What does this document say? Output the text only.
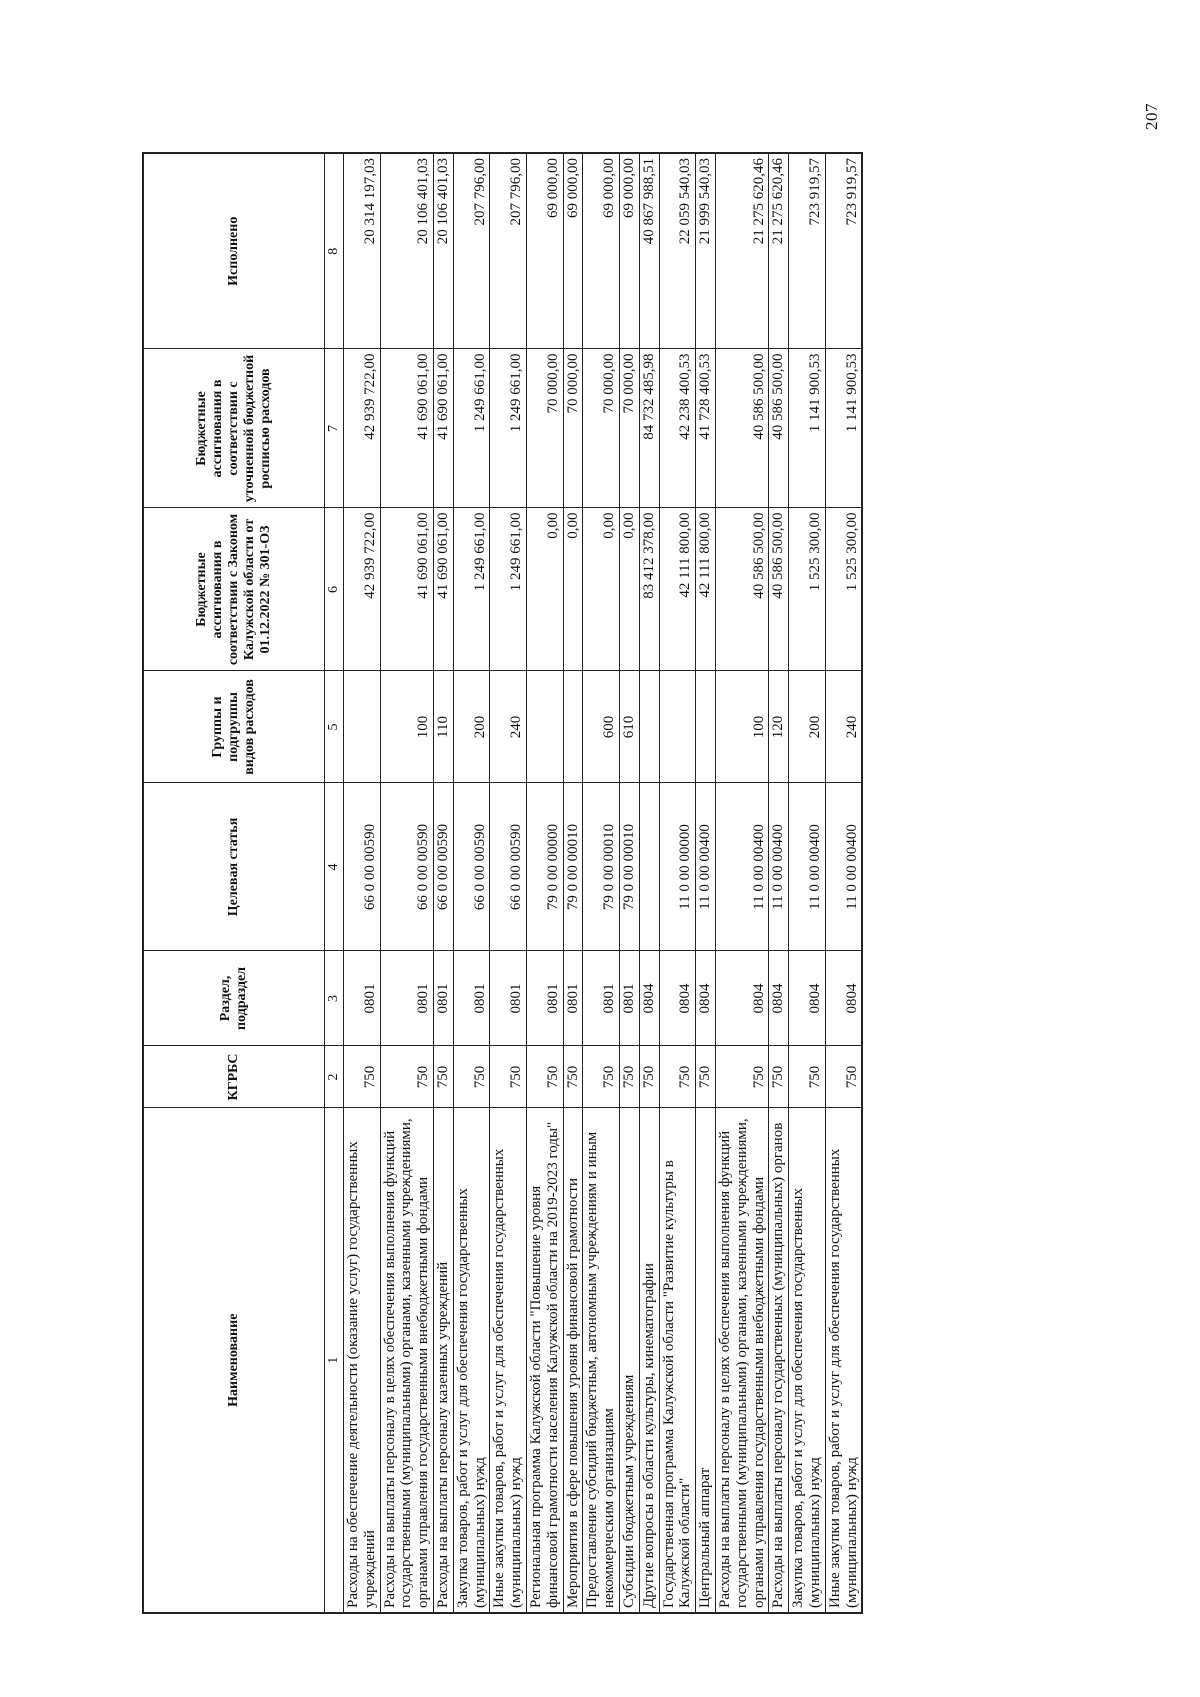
207
Наименование	КГРБС	Раздел, подраздел	Целевая статья	Группы и подгруппы видов расходов	Бюджетные ассигнования в соответствии с Законом Калужской области от 01.12.2022 № 301-ОЗ	Бюджетные ассигнования в соответствии с уточненной бюджетной росписью расходов	Исполнено
1	2	3	4	5	6	7	8
Расходы на обеспечение деятельности (оказание услуг) государственных учреждений	750	0801	66 0 00 00590		42 939 722,00	42 939 722,00	20 314 197,03
Расходы на выплаты персоналу в целях обеспечения выполнения функций государственными (муниципальными) органами, казенными учреждениями, органами управления государственными внебюджетными фондами	750	0801	66 0 00 00590	100	41 690 061,00	41 690 061,00	20 106 401,03
Расходы на выплаты персоналу казенных учреждений	750	0801	66 0 00 00590	110	41 690 061,00	41 690 061,00	20 106 401,03
Закупка товаров, работ и услуг для обеспечения государственных (муниципальных) нужд	750	0801	66 0 00 00590	200	1 249 661,00	1 249 661,00	207 796,00
Иные закупки товаров, работ и услуг для обеспечения государственных (муниципальных) нужд	750	0801	66 0 00 00590	240	1 249 661,00	1 249 661,00	207 796,00
Региональная программа Калужской области "Повышение уровня финансовой грамотности населения Калужской области на 2019-2023 годы"	750	0801	79 0 00 00000		0,00	70 000,00	69 000,00
Мероприятия в сфере повышения уровня финансовой грамотности	750	0801	79 0 00 00010		0,00	70 000,00	69 000,00
Предоставление субсидий бюджетным, автономным учреждениям и иным некоммерческим организациям	750	0801	79 0 00 00010	600	0,00	70 000,00	69 000,00
Субсидии бюджетным учреждениям	750	0801	79 0 00 00010	610	0,00	70 000,00	69 000,00
Другие вопросы в области культуры, кинематографии	750	0804			83 412 378,00	84 732 485,98	40 867 988,51
Государственная программа Калужской области "Развитие культуры в Калужской области"	750	0804	11 0 00 00000		42 111 800,00	42 238 400,53	22 059 540,03
Центральный аппарат	750	0804	11 0 00 00400		42 111 800,00	41 728 400,53	21 999 540,03
Расходы на выплаты персоналу в целях обеспечения выполнения функций государственными (муниципальными) органами, казенными учреждениями, органами управления государственными внебюджетными фондами	750	0804	11 0 00 00400	100	40 586 500,00	40 586 500,00	21 275 620,46
Расходы на выплаты персоналу государственных (муниципальных) органов	750	0804	11 0 00 00400	120	40 586 500,00	40 586 500,00	21 275 620,46
Закупка товаров, работ и услуг для обеспечения государственных (муниципальных) нужд	750	0804	11 0 00 00400	200	1 525 300,00	1 141 900,53	723 919,57
Иные закупки товаров, работ и услуг для обеспечения государственных (муниципальных) нужд	750	0804	11 0 00 00400	240	1 525 300,00	1 141 900,53	723 919,57
